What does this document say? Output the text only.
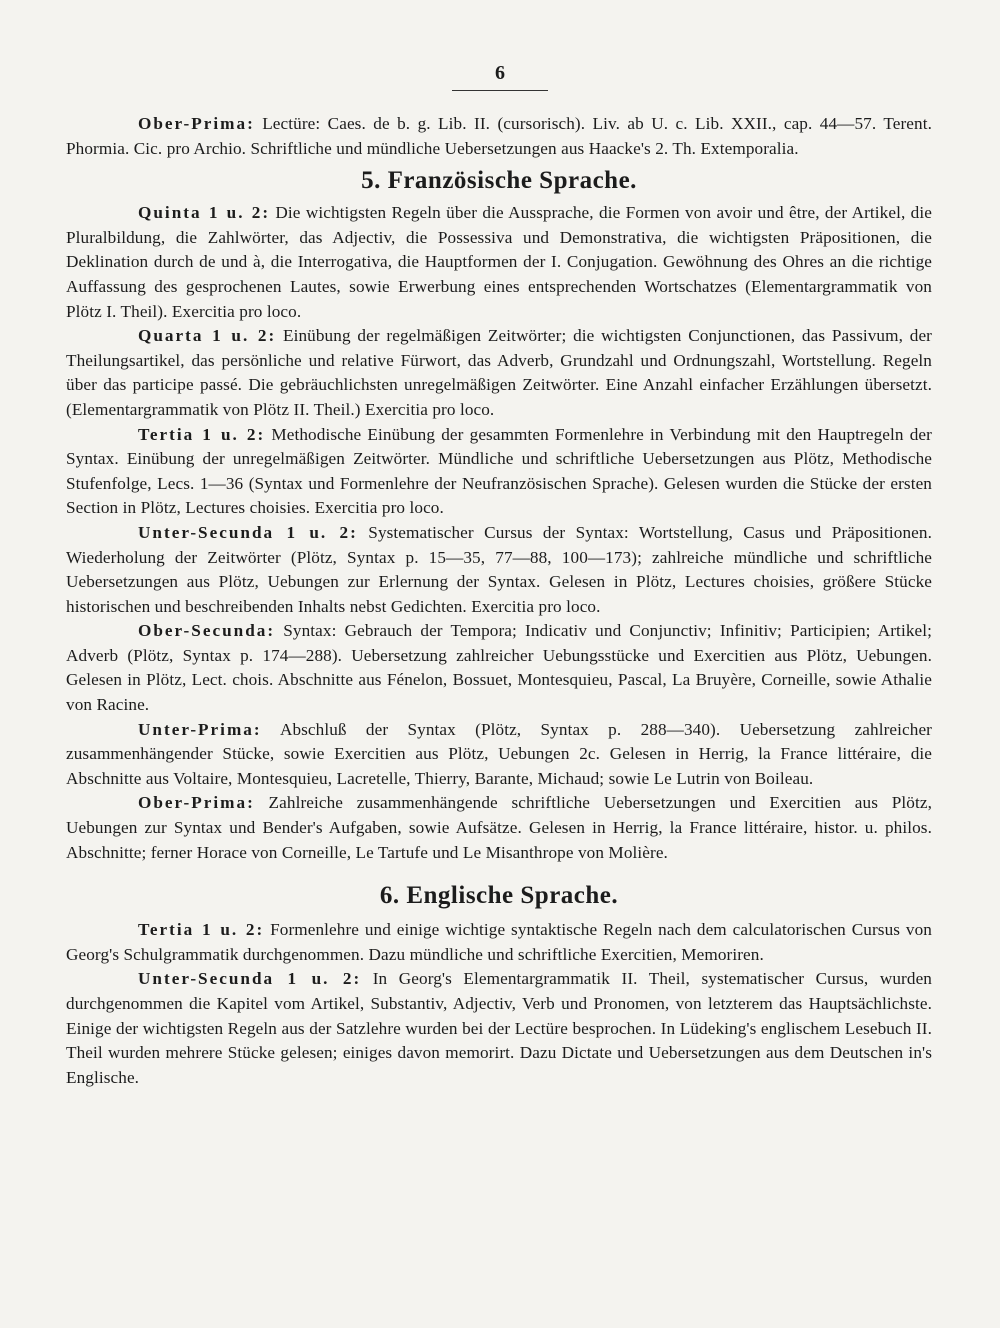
6

Ober-Prima: Lectüre: Caes. de b. g. Lib. II. (cursorisch). Liv. ab U. c. Lib. XXII., cap. 44—57. Terent. Phormia. Cic. pro Archio. Schriftliche und mündliche Uebersetzungen aus Haacke's 2. Th. Extemporalia.

5. Französische Sprache.

Quinta 1 u. 2: Die wichtigsten Regeln über die Aussprache, die Formen von avoir und être, der Artikel, die Pluralbildung, die Zahlwörter, das Adjectiv, die Possessiva und Demonstrativa, die wichtigsten Präpositionen, die Deklination durch de und à, die Interrogativa, die Hauptformen der I. Conjugation. Gewöhnung des Ohres an die richtige Auffassung des gesprochenen Lautes, sowie Erwerbung eines entsprechenden Wortschatzes (Elementargrammatik von Plötz I. Theil). Exercitia pro loco.

Quarta 1 u. 2: Einübung der regelmäßigen Zeitwörter; die wichtigsten Conjunctionen, das Passivum, der Theilungsartikel, das persönliche und relative Fürwort, das Adverb, Grundzahl und Ordnungszahl, Wortstellung. Regeln über das participe passé. Die gebräuchlichsten unregelmäßigen Zeitwörter. Eine Anzahl einfacher Erzählungen übersetzt. (Elementargrammatik von Plötz II. Theil.) Exercitia pro loco.

Tertia 1 u. 2: Methodische Einübung der gesammten Formenlehre in Verbindung mit den Hauptregeln der Syntax. Einübung der unregelmäßigen Zeitwörter. Mündliche und schriftliche Uebersetzungen aus Plötz, Methodische Stufenfolge, Lecs. 1—36 (Syntax und Formenlehre der Neufranzösischen Sprache). Gelesen wurden die Stücke der ersten Section in Plötz, Lectures choisies. Exercitia pro loco.

Unter-Secunda 1 u. 2: Systematischer Cursus der Syntax: Wortstellung, Casus und Präpositionen. Wiederholung der Zeitwörter (Plötz, Syntax p. 15—35, 77—88, 100—173); zahlreiche mündliche und schriftliche Uebersetzungen aus Plötz, Uebungen zur Erlernung der Syntax. Gelesen in Plötz, Lectures choisies, größere Stücke historischen und beschreibenden Inhalts nebst Gedichten. Exercitia pro loco.

Ober-Secunda: Syntax: Gebrauch der Tempora; Indicativ und Conjunctiv; Infinitiv; Participien; Artikel; Adverb (Plötz, Syntax p. 174—288). Uebersetzung zahlreicher Uebungsstücke und Exercitien aus Plötz, Uebungen. Gelesen in Plötz, Lect. chois. Abschnitte aus Fénelon, Bossuet, Montesquieu, Pascal, La Bruyère, Corneille, sowie Athalie von Racine.

Unter-Prima: Abschluß der Syntax (Plötz, Syntax p. 288—340). Uebersetzung zahlreicher zusammenhängender Stücke, sowie Exercitien aus Plötz, Uebungen 2c. Gelesen in Herrig, la France littéraire, die Abschnitte aus Voltaire, Montesquieu, Lacretelle, Thierry, Barante, Michaud; sowie Le Lutrin von Boileau.

Ober-Prima: Zahlreiche zusammenhängende schriftliche Uebersetzungen und Exercitien aus Plötz, Uebungen zur Syntax und Bender's Aufgaben, sowie Aufsätze. Gelesen in Herrig, la France littéraire, histor. u. philos. Abschnitte; ferner Horace von Corneille, Le Tartufe und Le Misanthrope von Molière.

6. Englische Sprache.

Tertia 1 u. 2: Formenlehre und einige wichtige syntaktische Regeln nach dem calculatorischen Cursus von Georg's Schulgrammatik durchgenommen. Dazu mündliche und schriftliche Exercitien, Memoriren.

Unter-Secunda 1 u. 2: In Georg's Elementargrammatik II. Theil, systematischer Cursus, wurden durchgenommen die Kapitel vom Artikel, Substantiv, Adjectiv, Verb und Pronomen, von letzterem das Hauptsächlichste. Einige der wichtigsten Regeln aus der Satzlehre wurden bei der Lectüre besprochen. In Lüdeking's englischem Lesebuch II. Theil wurden mehrere Stücke gelesen; einiges davon memorirt. Dazu Dictate und Uebersetzungen aus dem Deutschen in's Englische.
